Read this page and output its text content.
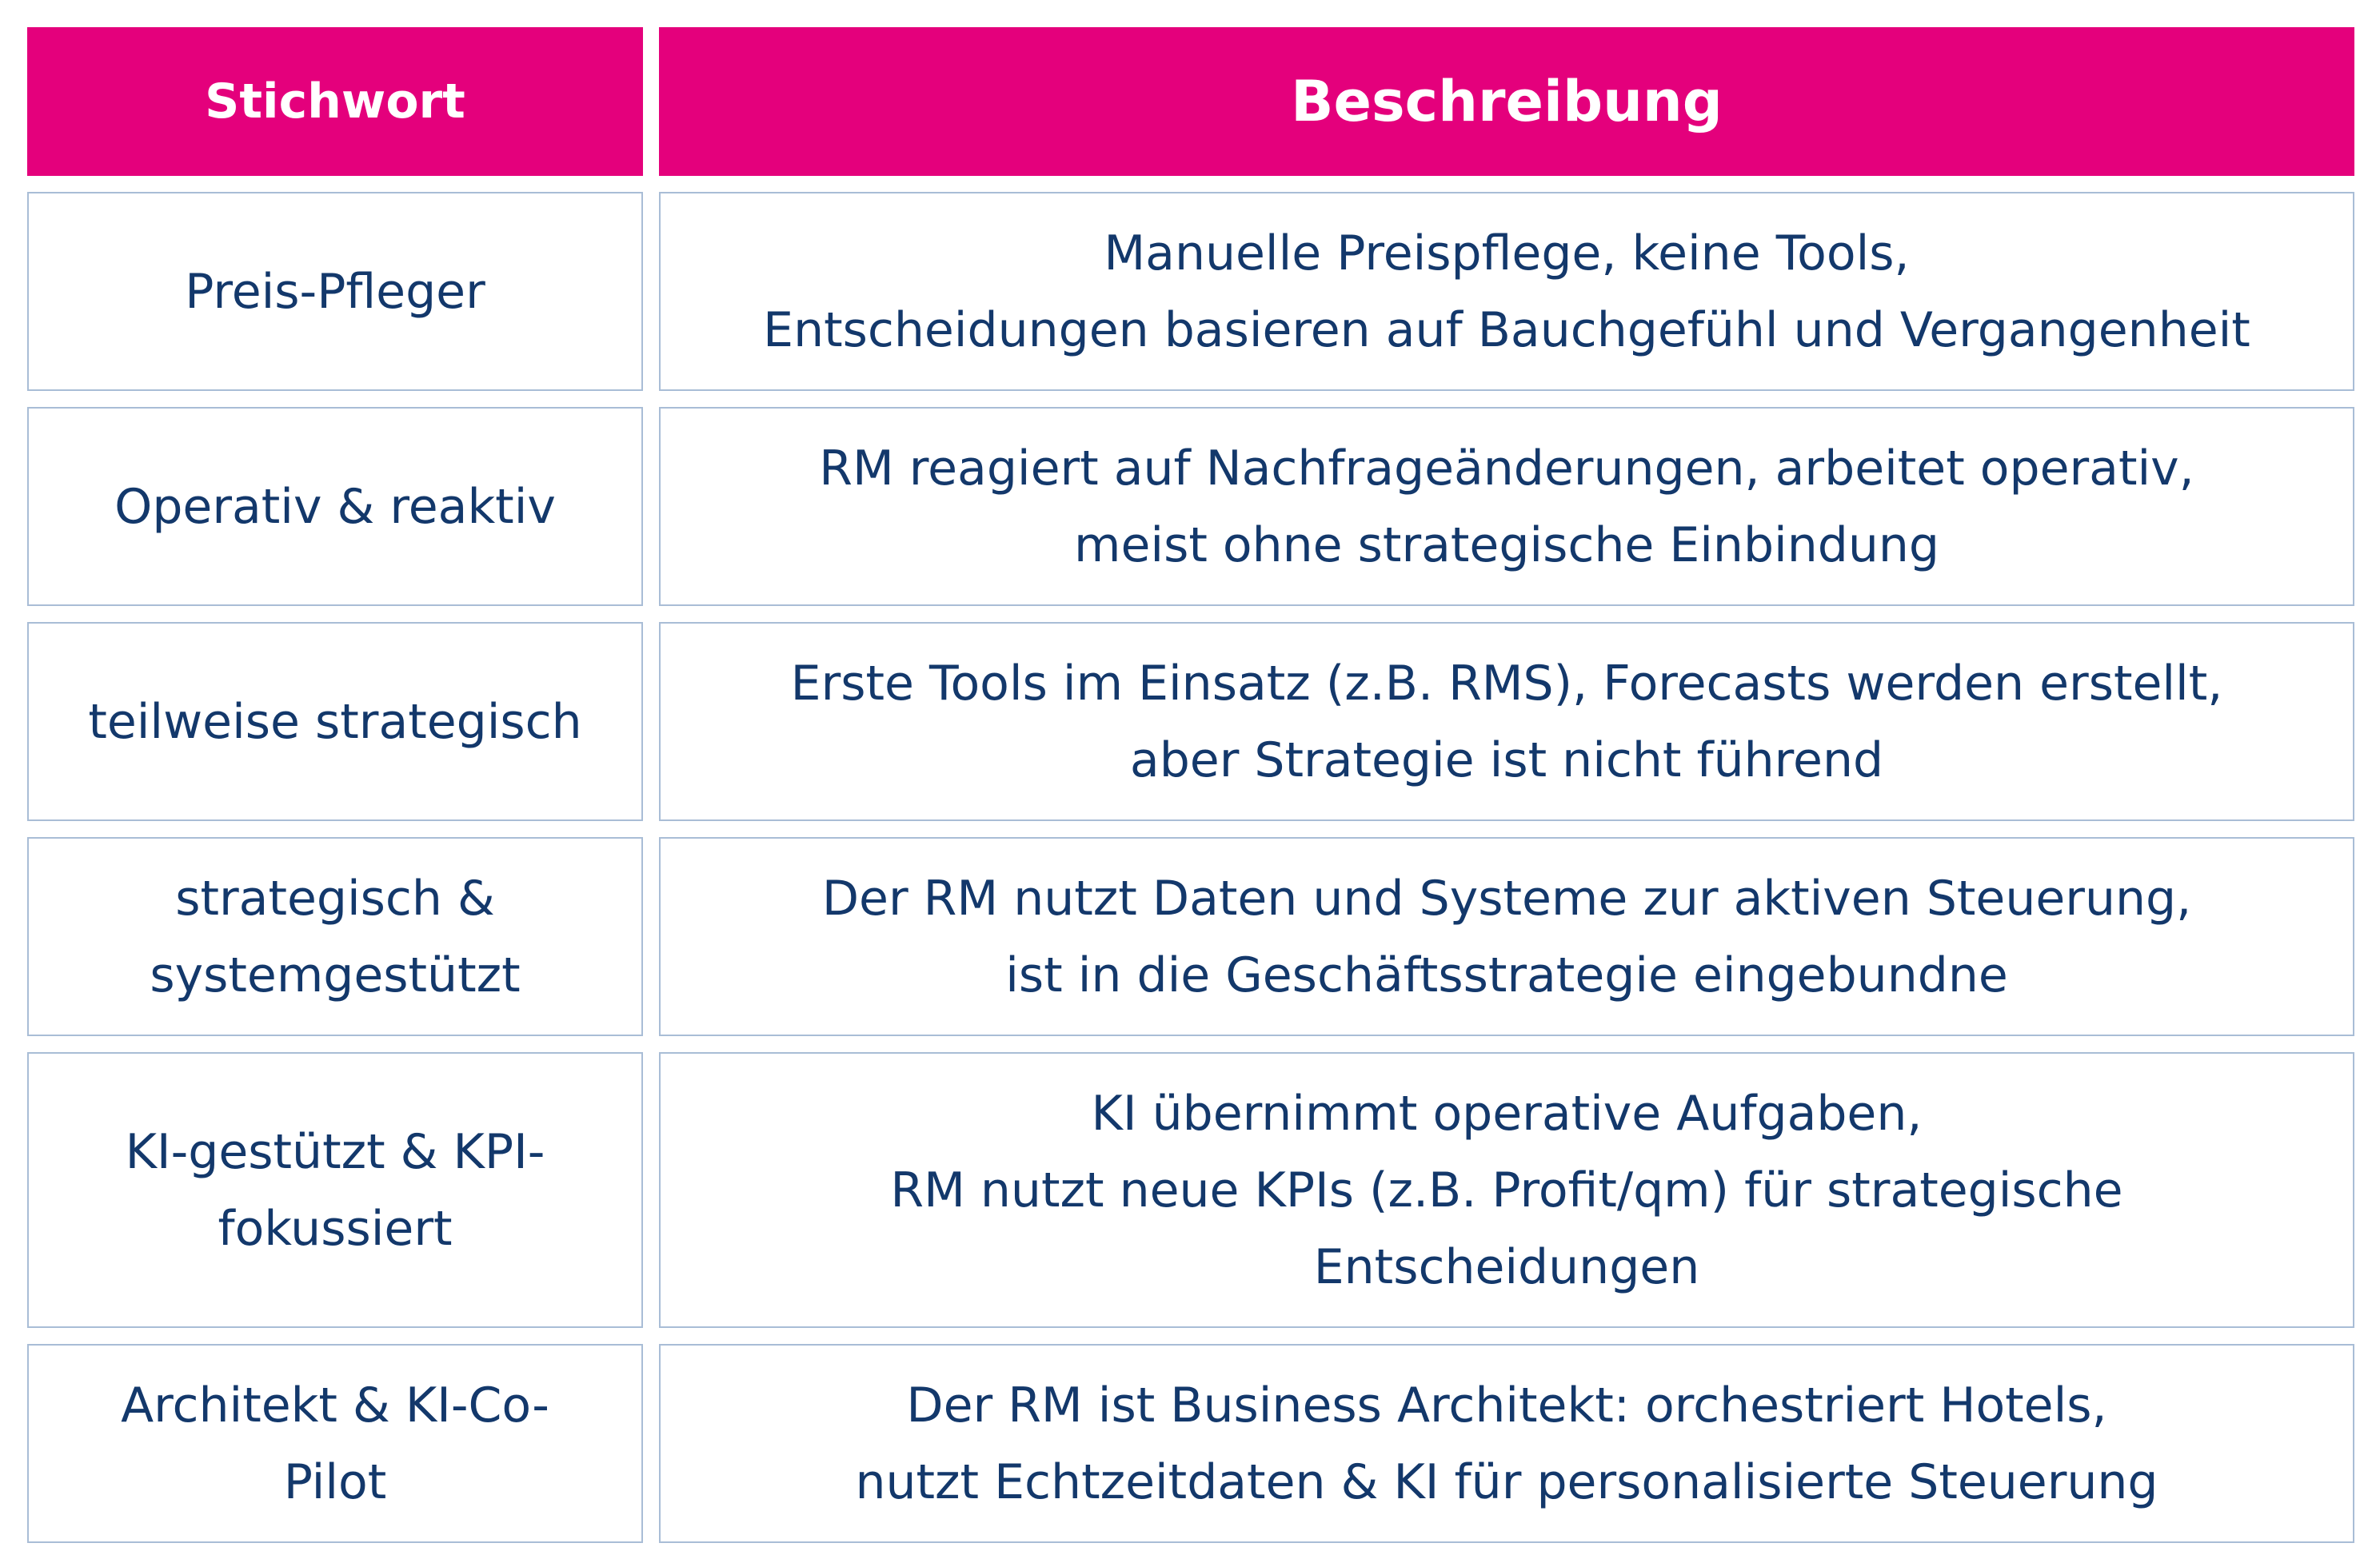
Stichwort	Beschreibung
Preis-Pfleger
Manuelle Preispflege, keine Tools,
Entscheidungen basieren auf Bauchgefühl und Vergangenheit
Operativ & reaktiv
RM reagiert auf Nachfrageänderungen, arbeitet operativ,
meist ohne strategische Einbindung
teilweise strategisch
Erste Tools im Einsatz (z.B. RMS), Forecasts werden erstellt,
aber Strategie ist nicht führend
strategisch &
systemgestützt
Der RM nutzt Daten und Systeme zur aktiven Steuerung,
ist in die Geschäftsstrategie eingebundne
KI-gestützt & KPI-
fokussiert
KI übernimmt operative Aufgaben,
RM nutzt neue KPIs (z.B. Profit/qm) für strategische
Entscheidungen
Architekt & KI-Co-
Pilot
Der RM ist Business Architekt: orchestriert Hotels,
nutzt Echtzeitdaten & KI für personalisierte Steuerung
